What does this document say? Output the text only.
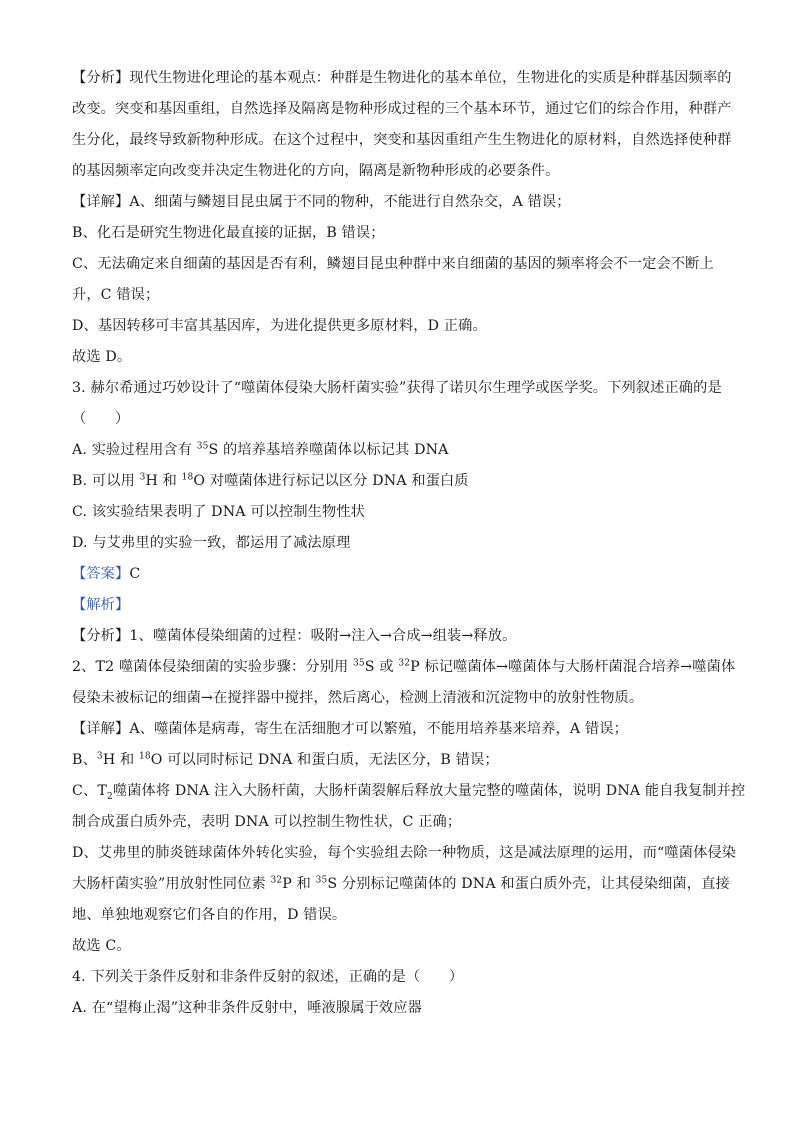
【分析】现代生物进化理论的基本观点：种群是生物进化的基本单位，生物进化的实质是种群基因频率的
改变。突变和基因重组，自然选择及隔离是物种形成过程的三个基本环节，通过它们的综合作用，种群产
生分化，最终导致新物种形成。在这个过程中，突变和基因重组产生生物进化的原材料，自然选择使种群
的基因频率定向改变并决定生物进化的方向，隔离是新物种形成的必要条件。
【详解】A、细菌与鳞翅目昆虫属于不同的物种，不能进行自然杂交，A 错误；
B、化石是研究生物进化最直接的证据，B 错误；
C、无法确定来自细菌的基因是否有利，鳞翅目昆虫种群中来自细菌的基因的频率将会不一定会不断上
升，C 错误；
D、基因转移可丰富其基因库，为进化提供更多原材料，D 正确。
故选 D。
3. 赫尔希通过巧妙设计了“噬菌体侵染大肠杆菌实验”获得了诺贝尔生理学或医学奖。下列叙述正确的是
（　　）
A. 实验过程用含有 $^{35}$S 的培养基培养噬菌体以标记其 DNA
B. 可以用 $^3$H 和 $^{18}$O 对噬菌体进行标记以区分 DNA 和蛋白质
C. 该实验结果表明了 DNA 可以控制生物性状
D. 与艾弗里的实验一致，都运用了减法原理
【答案】C
【解析】
【分析】1、噬菌体侵染细菌的过程：吸附→注入→合成→组装→释放。
2、T2 噬菌体侵染细菌的实验步骤：分别用 $^{35}$S 或 $^{32}$P 标记噬菌体→噬菌体与大肠杆菌混合培养→噬菌体
侵染未被标记的细菌→在搅拌器中搅拌，然后离心，检测上清液和沉淀物中的放射性物质。
【详解】A、噬菌体是病毒，寄生在活细胞才可以繁殖，不能用培养基来培养，A 错误；
B、$^3$H 和 $^{18}$O 可以同时标记 DNA 和蛋白质，无法区分，B 错误；
C、$T_2$噬菌体将 DNA 注入大肠杆菌，大肠杆菌裂解后释放大量完整的噬菌体，说明 DNA 能自我复制并控
制合成蛋白质外壳，表明 DNA 可以控制生物性状，C 正确；
D、艾弗里的肺炎链球菌体外转化实验，每个实验组去除一种物质，这是减法原理的运用，而“噬菌体侵染
大肠杆菌实验”用放射性同位素 $^{32}$P 和 $^{35}$S 分别标记噬菌体的 DNA 和蛋白质外壳，让其侵染细菌，直接
地、单独地观察它们各自的作用，D 错误。
故选 C。
4. 下列关于条件反射和非条件反射的叙述，正确的是（　　）
A. 在“望梅止渴”这种非条件反射中，唾液腺属于效应器
